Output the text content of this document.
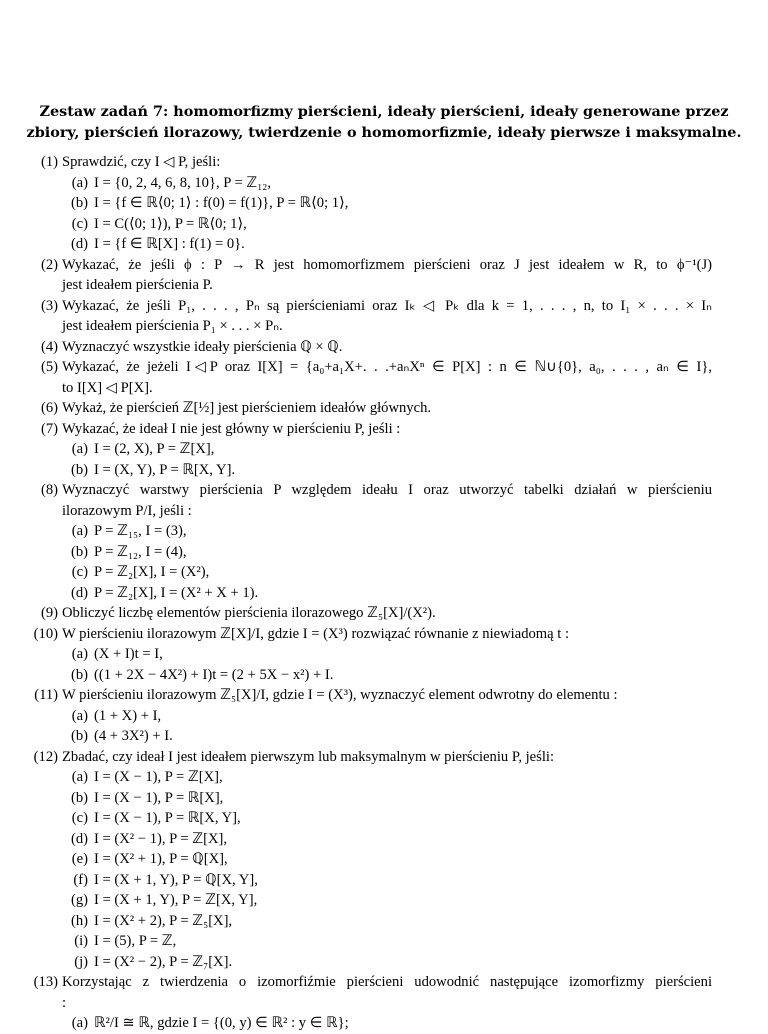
Zestaw zadań 7: homomorfizmy pierścieni, ideały pierścieni, ideały generowane przez
zbiory, pierścień ilorazowy, twierdzenie o homomorfizmie, ideały pierwsze i maksymalne.
(1) Sprawdzić, czy I ◁ P, jeśli:
(a) I = {0, 2, 4, 6, 8, 10}, P = ℤ₁₂,
(b) I = {f ∈ ℝ⟨0; 1⟩ : f(0) = f(1)}, P = ℝ⟨0; 1⟩,
(c) I = C(⟨0; 1⟩), P = ℝ⟨0; 1⟩,
(d) I = {f ∈ ℝ[X] : f(1) = 0}.
(2) Wykazać, że jeśli ϕ : P → R jest homomorfizmem pierścieni oraz J jest ideałem w R, to ϕ⁻¹(J)
jest ideałem pierścienia P.
(3) Wykazać, że jeśli P₁, . . . , Pₙ są pierścieniami oraz Iₖ ◁ Pₖ dla k = 1, . . . , n, to I₁ × . . . × Iₙ
jest ideałem pierścienia P₁ × . . . × Pₙ.
(4) Wyznaczyć wszystkie ideały pierścienia ℚ × ℚ.
(5) Wykazać, że jeżeli I◁P oraz I[X] = {a₀+a₁X+. . .+aₙXⁿ ∈ P[X] : n ∈ ℕ∪{0}, a₀, . . . , aₙ ∈ I},
to I[X] ◁ P[X].
(6) Wykaż, że pierścień ℤ[½] jest pierścieniem ideałów głównych.
(7) Wykazać, że ideał I nie jest główny w pierścieniu P, jeśli :
(a) I = (2, X), P = ℤ[X],
(b) I = (X, Y), P = ℝ[X, Y].
(8) Wyznaczyć warstwy pierścienia P względem ideału I oraz utworzyć tabelki działań w pierścieniu
ilorazowym P/I, jeśli :
(a) P = ℤ₁₅, I = (3),
(b) P = ℤ₁₂, I = (4),
(c) P = ℤ₂[X], I = (X²),
(d) P = ℤ₂[X], I = (X² + X + 1).
(9) Obliczyć liczbę elementów pierścienia ilorazowego ℤ₅[X]/(X²).
(10) W pierścieniu ilorazowym ℤ[X]/I, gdzie I = (X³) rozwiązać równanie z niewiadomą t :
(a) (X + I)t = I,
(b) ((1 + 2X − 4X²) + I)t = (2 + 5X − x²) + I.
(11) W pierścieniu ilorazowym ℤ₅[X]/I, gdzie I = (X³), wyznaczyć element odwrotny do elementu :
(a) (1 + X) + I,
(b) (4 + 3X²) + I.
(12) Zbadać, czy ideał I jest ideałem pierwszym lub maksymalnym w pierścieniu P, jeśli:
(a) I = (X − 1), P = ℤ[X],
(b) I = (X − 1), P = ℝ[X],
(c) I = (X − 1), P = ℝ[X, Y],
(d) I = (X² − 1), P = ℤ[X],
(e) I = (X² + 1), P = ℚ[X],
(f) I = (X + 1, Y), P = ℚ[X, Y],
(g) I = (X + 1, Y), P = ℤ[X, Y],
(h) I = (X² + 2), P = ℤ₅[X],
(i) I = (5), P = ℤ,
(j) I = (X² − 2), P = ℤ₇[X].
(13) Korzystając z twierdzenia o izomorfiźmie pierścieni udowodnić następujące izomorfizmy pierścieni
:
(a) ℝ²/I ≅ ℝ, gdzie I = {(0, y) ∈ ℝ² : y ∈ ℝ};
